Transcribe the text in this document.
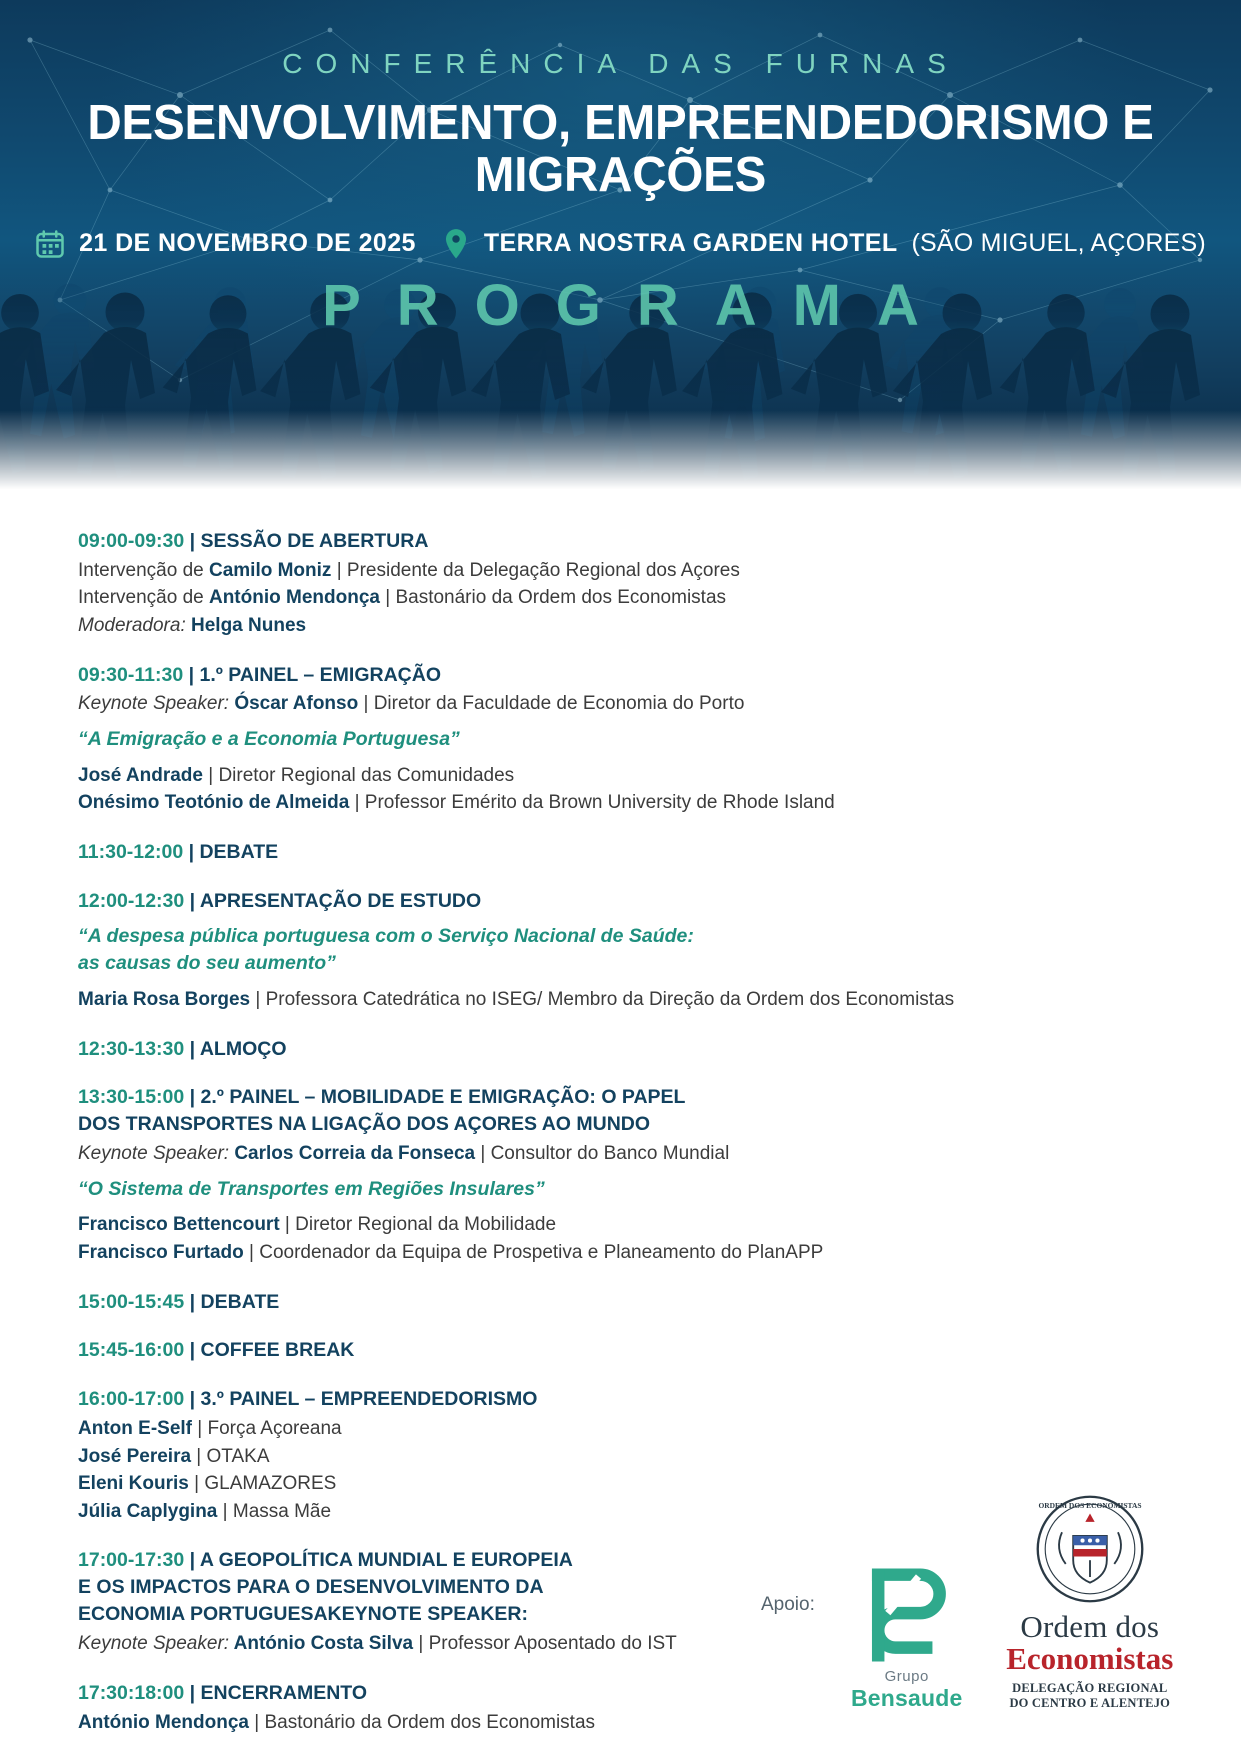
CONFERÊNCIA DAS FURNAS
DESENVOLVIMENTO, EMPREENDEDORISMO E MIGRAÇÕES
21 DE NOVEMBRO DE 2025	TERRA NOSTRA GARDEN HOTEL (SÃO MIGUEL, AÇORES)
PROGRAMA
09:00-09:30 | SESSÃO DE ABERTURA
Intervenção de Camilo Moniz | Presidente da Delegação Regional dos Açores
Intervenção de António Mendonça | Bastonário da Ordem dos Economistas
Moderadora: Helga Nunes
09:30-11:30 | 1.º PAINEL – EMIGRAÇÃO
Keynote Speaker: Óscar Afonso | Diretor da Faculdade de Economia do Porto
“A Emigração e a Economia Portuguesa”
José Andrade | Diretor Regional das Comunidades
Onésimo Teotónio de Almeida | Professor Emérito da Brown University de Rhode Island
11:30-12:00 | DEBATE
12:00-12:30 | APRESENTAÇÃO DE ESTUDO
“A despesa pública portuguesa com o Serviço Nacional de Saúde:
as causas do seu aumento”
Maria Rosa Borges | Professora Catedrática no ISEG/ Membro da Direção da Ordem dos Economistas
12:30-13:30 | ALMOÇO
13:30-15:00 | 2.º PAINEL – MOBILIDADE E EMIGRAÇÃO: O PAPEL
DOS TRANSPORTES NA LIGAÇÃO DOS AÇORES AO MUNDO
Keynote Speaker: Carlos Correia da Fonseca | Consultor do Banco Mundial
“O Sistema de Transportes em Regiões Insulares”
Francisco Bettencourt | Diretor Regional da Mobilidade
Francisco Furtado | Coordenador da Equipa de Prospetiva e Planeamento do PlanAPP
15:00-15:45 | DEBATE
15:45-16:00 | COFFEE BREAK
16:00-17:00 | 3.º PAINEL – EMPREENDEDORISMO
Anton E-Self | Força Açoreana
José Pereira | OTAKA
Eleni Kouris | GLAMAZORES
Júlia Caplygina | Massa Mãe
17:00-17:30 | A GEOPOLÍTICA MUNDIAL E EUROPEIA
E OS IMPACTOS PARA O DESENVOLVIMENTO DA
ECONOMIA PORTUGUESAKEYNOTE SPEAKER:
Keynote Speaker: António Costa Silva | Professor Aposentado do IST
17:30:18:00 | ENCERRAMENTO
António Mendonça | Bastonário da Ordem dos Economistas
Apoio:
Grupo
Bensaude
ORDEM DOS ECONOMISTAS
Ordem dos
Economistas
DELEGAÇÃO REGIONAL
DO CENTRO E ALENTEJO
